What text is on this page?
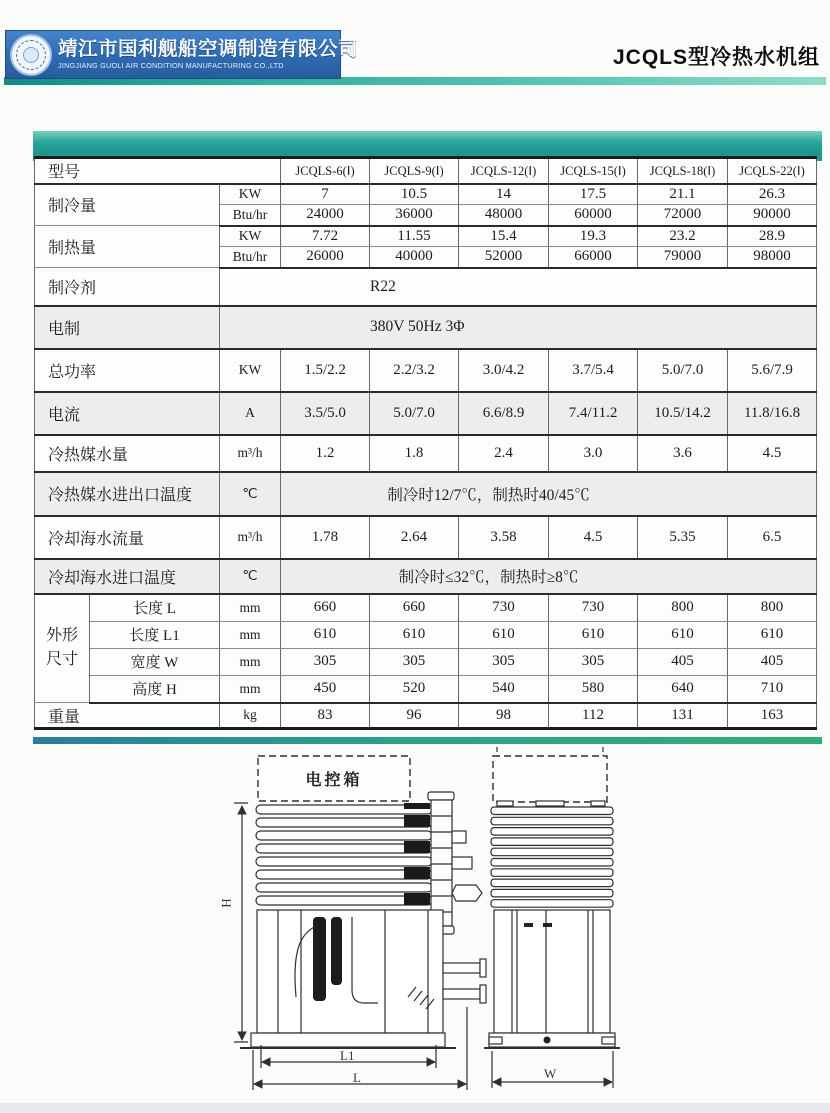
靖江市国利舰船空调制造有限公司
JINGJIANG GUOLI AIR CONDITION MANUFACTURING CO.,LTD	JCQLS型冷热水机组
型号			JCQLS-6(Ⅰ)	JCQLS-9(Ⅰ)	JCQLS-12(Ⅰ)	JCQLS-15(Ⅰ)	JCQLS-18(Ⅰ)	JCQLS-22(Ⅰ)
制冷量		KW	7	10.5	14	17.5	21.1	26.3
		Btu/hr	24000	36000	48000	60000	72000	90000
制热量		KW	7.72	11.55	15.4	19.3	23.2	28.9
		Btu/hr	26000	40000	52000	66000	79000	98000
制冷剂		R22						
电制		380V 50Hz 3Φ						
总功率		KW	1.5/2.2	2.2/3.2	3.0/4.2	3.7/5.4	5.0/7.0	5.6/7.9
电流		A	3.5/5.0	5.0/7.0	6.6/8.9	7.4/11.2	10.5/14.2	11.8/16.8
冷热媒水量		m³/h	1.2	1.8	2.4	3.0	3.6	4.5
冷热媒水进出口温度		℃	制冷时12/7℃，制热时40/45℃					
冷却海水流量		m³/h	1.78	2.64	3.58	4.5	5.35	6.5
冷却海水进口温度		℃	制冷时≤32℃，制热时≥8℃					
外形
尺寸	长度 L	mm	660	660	730	730	800	800
	长度 L1	mm	610	610	610	610	610	610
	宽度 W	mm	305	305	305	305	405	405
	高度 H	mm	450	520	540	580	640	710
重量		kg	83	96	98	112	131	163
电控箱
H
L1
L	W
